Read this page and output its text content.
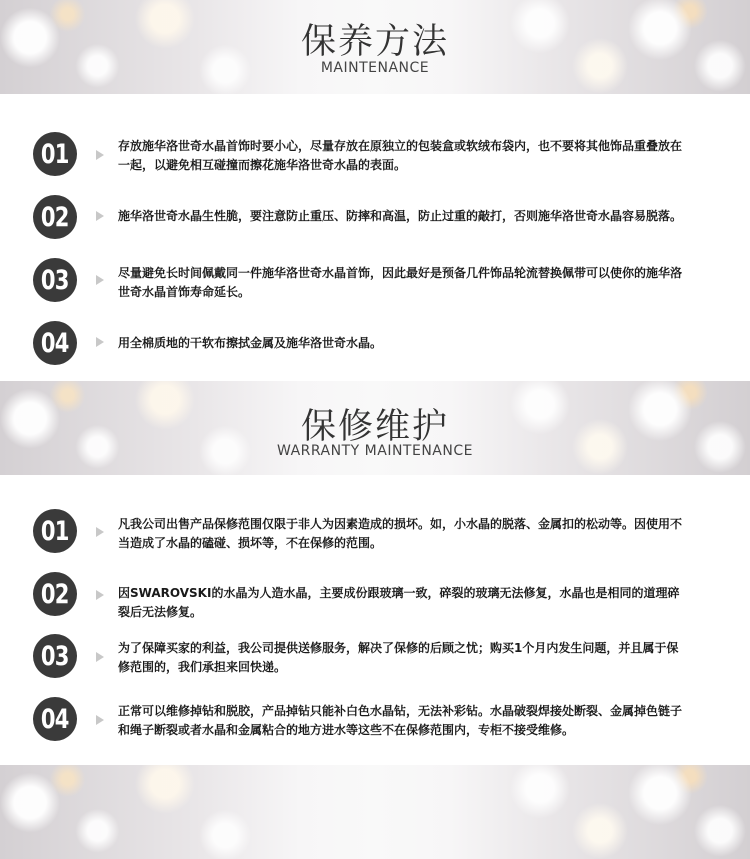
保养方法
MAINTENANCE
01	存放施华洛世奇水晶首饰时要小心，尽量存放在原独立的包装盒或软绒布袋内，也不要将其他饰品重叠放在一起，以避免相互碰撞而擦花施华洛世奇水晶的表面。
02	施华洛世奇水晶生性脆，要注意防止重压、防摔和高温，防止过重的敲打，否则施华洛世奇水晶容易脱落。
03	尽量避免长时间佩戴同一件施华洛世奇水晶首饰，因此最好是预备几件饰品轮流替换佩带可以使你的施华洛世奇水晶首饰寿命延长。
04	用全棉质地的干软布擦拭金属及施华洛世奇水晶。
保修维护
WARRANTY MAINTENANCE
01	凡我公司出售产品保修范围仅限于非人为因素造成的损坏。如，小水晶的脱落、金属扣的松动等。因使用不当造成了水晶的磕碰、损坏等，不在保修的范围。
02	因SWAROVSKI的水晶为人造水晶，主要成份跟玻璃一致，碎裂的玻璃无法修复，水晶也是相同的道理碎裂后无法修复。
03	为了保障买家的利益，我公司提供送修服务，解决了保修的后顾之忧；购买1个月内发生问题，并且属于保修范围的，我们承担来回快递。
04	正常可以维修掉钻和脱胶，产品掉钻只能补白色水晶钻，无法补彩钻。水晶破裂焊接处断裂、金属掉色链子和绳子断裂或者水晶和金属粘合的地方进水等这些不在保修范围内，专柜不接受维修。
